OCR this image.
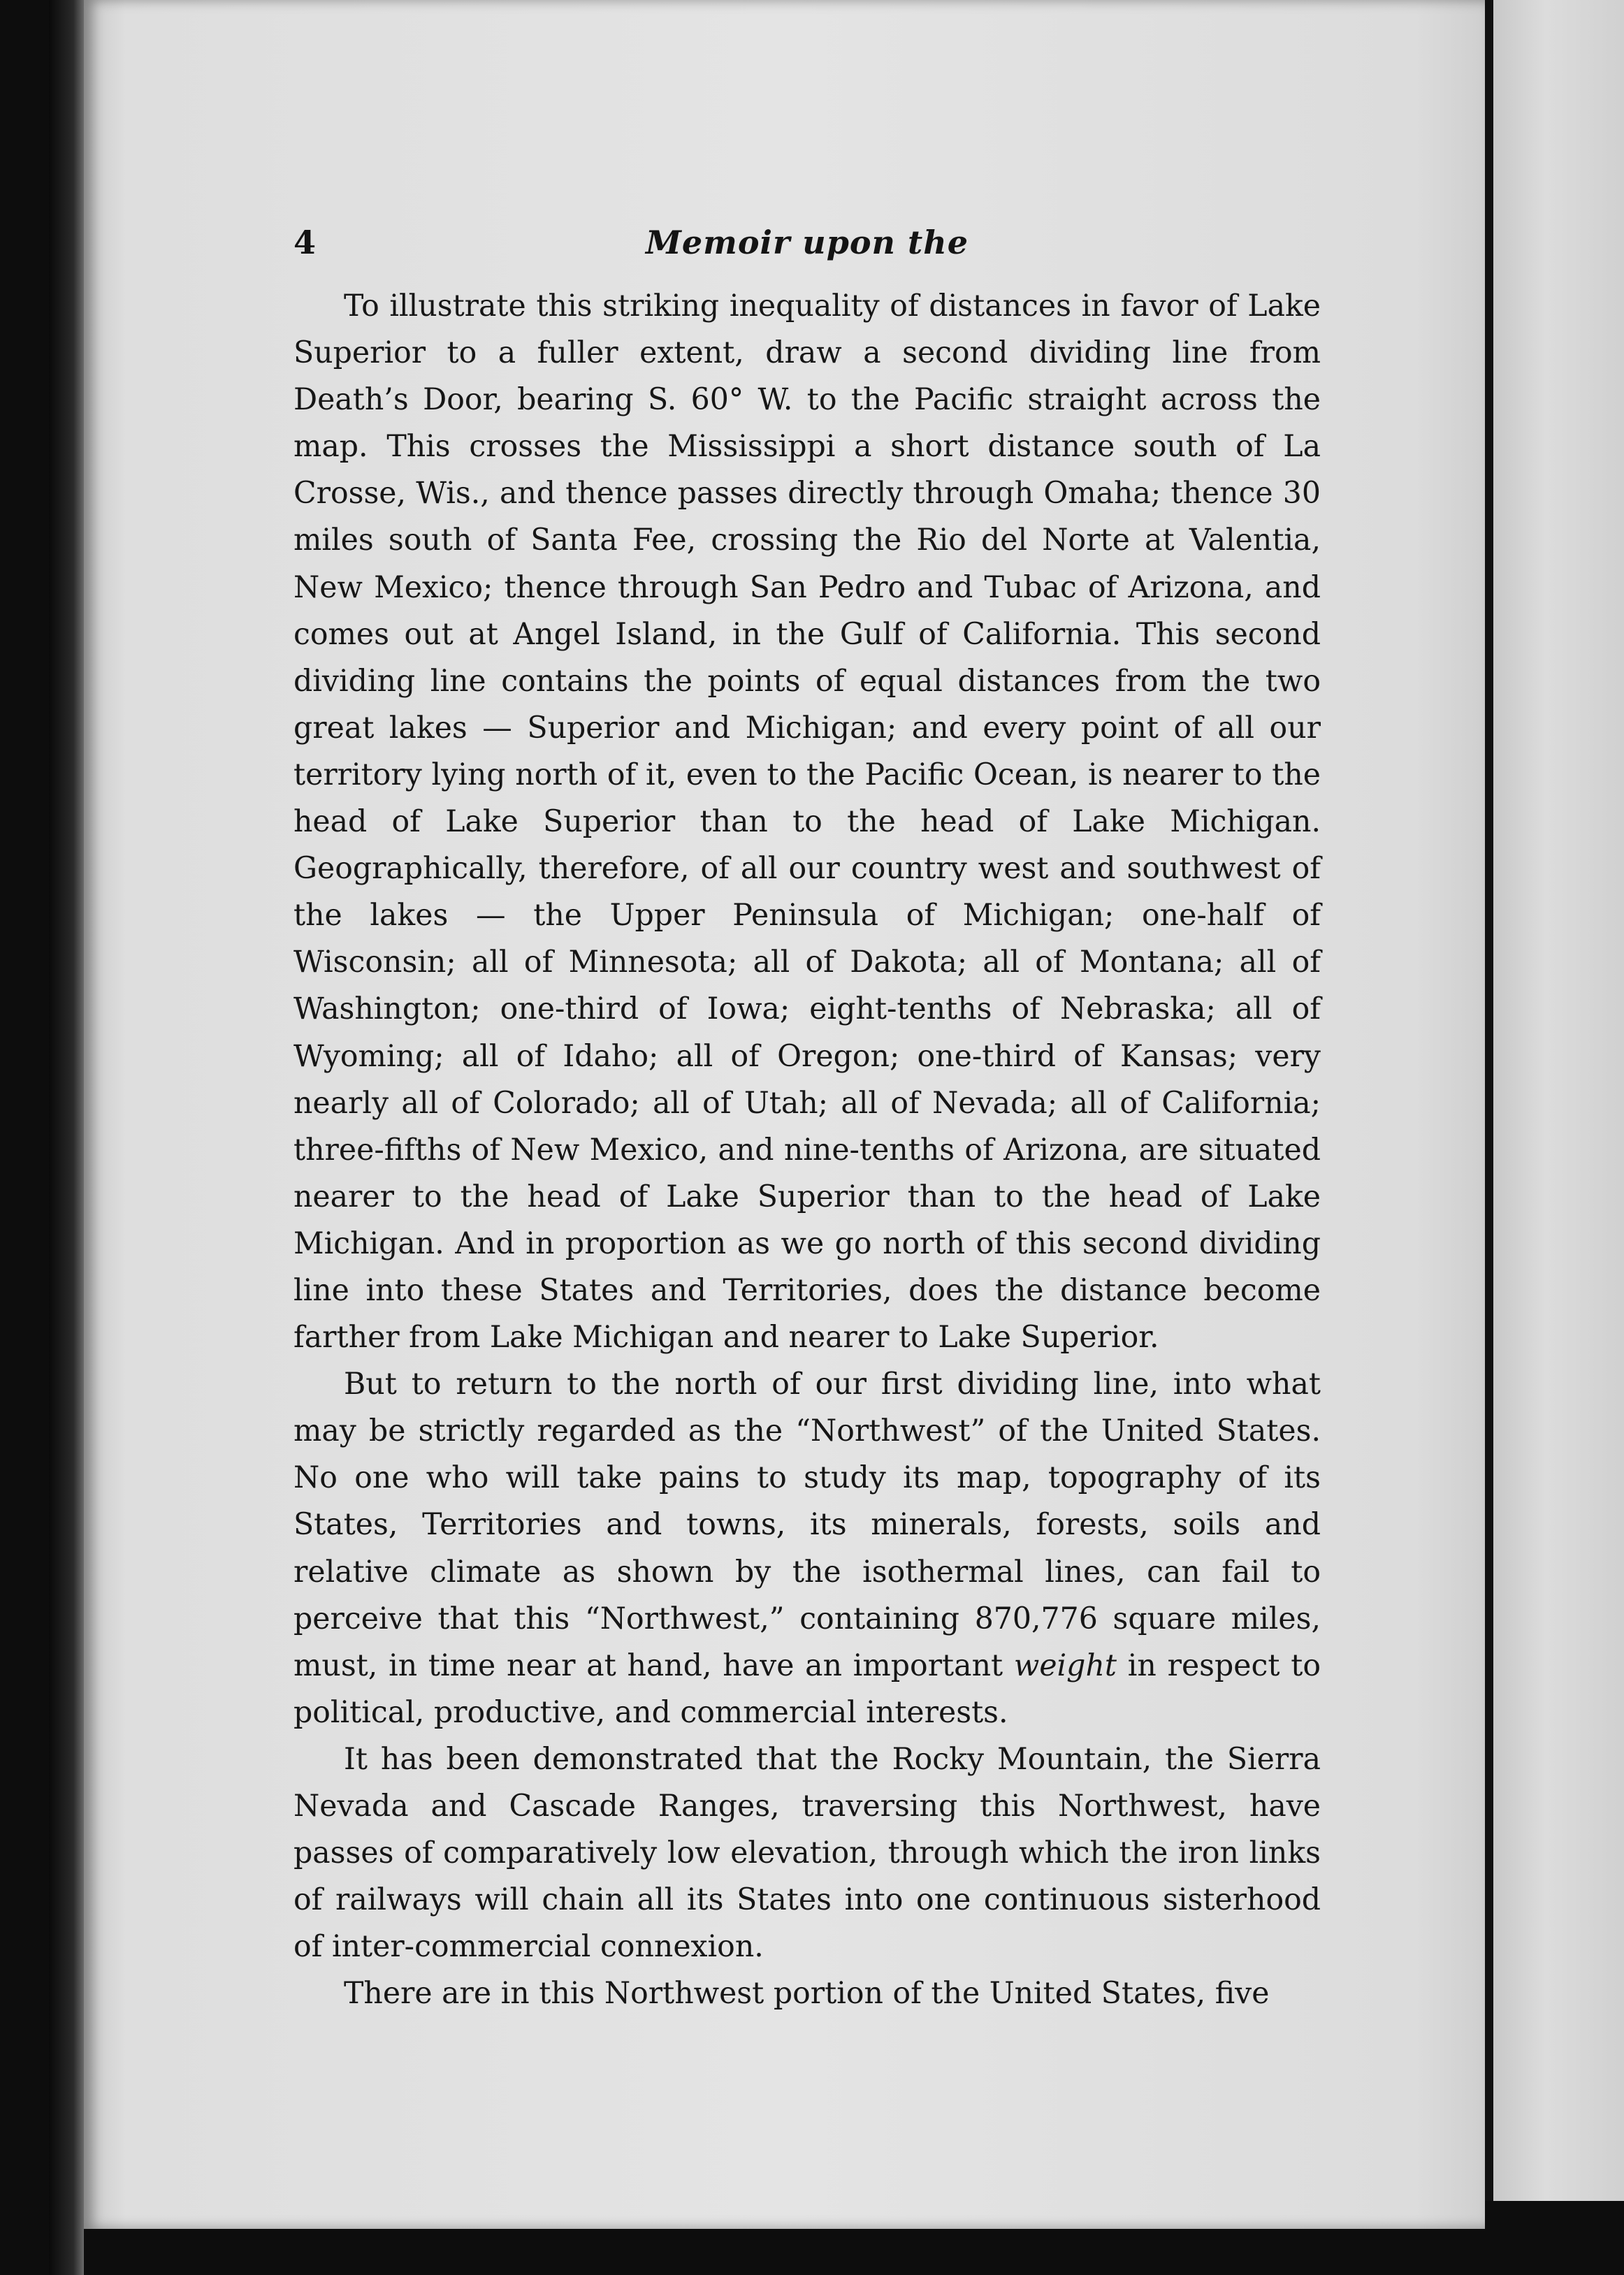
4	Memoir upon the

To illustrate this striking inequality of distances in favor of Lake Superior to a fuller extent, draw a second dividing line from Death’s Door, bearing S. 60° W. to the Pacific straight across the map. This crosses the Mississippi a short distance south of La Crosse, Wis., and thence passes directly through Omaha; thence 30 miles south of Santa Fee, crossing the Rio del Norte at Valentia, New Mexico; thence through San Pedro and Tubac of Arizona, and comes out at Angel Island, in the Gulf of California. This second dividing line contains the points of equal distances from the two great lakes — Superior and Michigan; and every point of all our territory lying north of it, even to the Pacific Ocean, is nearer to the head of Lake Superior than to the head of Lake Michigan. Geographically, therefore, of all our country west and southwest of the lakes — the Upper Peninsula of Michigan; one-half of Wisconsin; all of Minnesota; all of Dakota; all of Montana; all of Washington; one-third of Iowa; eight-tenths of Nebraska; all of Wyoming; all of Idaho; all of Oregon; one-third of Kansas; very nearly all of Colorado; all of Utah; all of Nevada; all of California; three-fifths of New Mexico, and nine-tenths of Arizona, are situated nearer to the head of Lake Superior than to the head of Lake Michigan. And in proportion as we go north of this second dividing line into these States and Territories, does the distance become farther from Lake Michigan and nearer to Lake Superior.

But to return to the north of our first dividing line, into what may be strictly regarded as the “Northwest” of the United States. No one who will take pains to study its map, topography of its States, Territories and towns, its minerals, forests, soils and relative climate as shown by the isothermal lines, can fail to perceive that this “Northwest,” containing 870,776 square miles, must, in time near at hand, have an important weight in respect to political, productive, and commercial interests.

It has been demonstrated that the Rocky Mountain, the Sierra Nevada and Cascade Ranges, traversing this Northwest, have passes of comparatively low elevation, through which the iron links of railways will chain all its States into one continuous sisterhood of inter-commercial connexion.

There are in this Northwest portion of the United States, five
